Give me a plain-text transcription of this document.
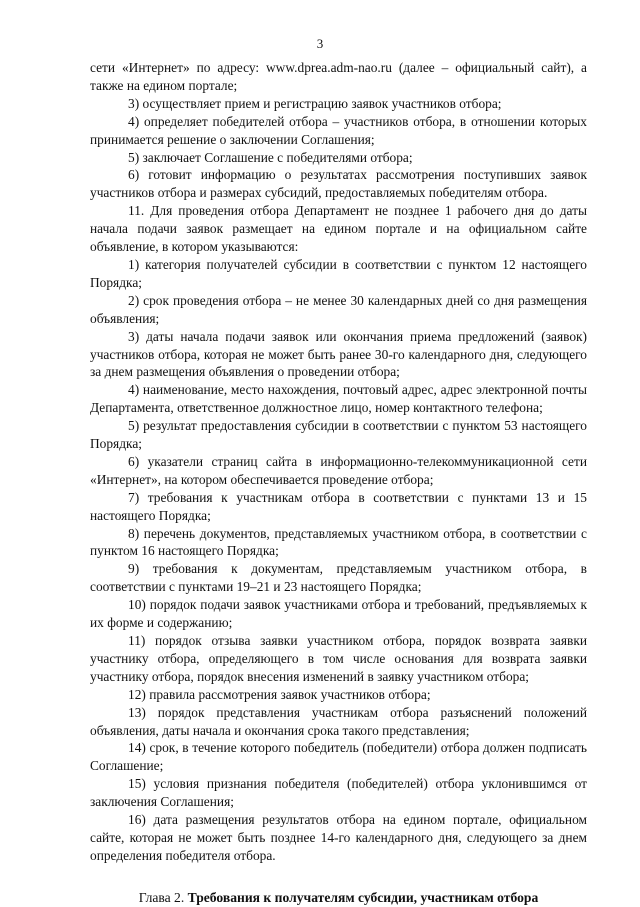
3

сети «Интернет» по адресу: www.dpreа.adm-nao.ru (далее – официальный сайт), а также на едином портале;

3) осуществляет прием и регистрацию заявок участников отбора;

4) определяет победителей отбора – участников отбора, в отношении которых принимается решение о заключении Соглашения;

5) заключает Соглашение с победителями отбора;

6) готовит информацию о результатах рассмотрения поступивших заявок участников отбора и размерах субсидий, предоставляемых победителям отбора.

11. Для проведения отбора Департамент не позднее 1 рабочего дня до даты начала подачи заявок размещает на едином портале и на официальном сайте объявление, в котором указываются:

1) категория получателей субсидии в соответствии с пунктом 12 настоящего Порядка;

2) срок проведения отбора – не менее 30 календарных дней со дня размещения объявления;

3) даты начала подачи заявок или окончания приема предложений (заявок) участников отбора, которая не может быть ранее 30-го календарного дня, следующего за днем размещения объявления о проведении отбора;

4) наименование, место нахождения, почтовый адрес, адрес электронной почты Департамента, ответственное должностное лицо, номер контактного телефона;

5) результат предоставления субсидии в соответствии с пунктом 53 настоящего Порядка;

6) указатели страниц сайта в информационно-телекоммуникационной сети «Интернет», на котором обеспечивается проведение отбора;

7) требования к участникам отбора в соответствии с пунктами 13 и 15 настоящего Порядка;

8) перечень документов, представляемых участником отбора, в соответствии с пунктом 16 настоящего Порядка;

9) требования к документам, представляемым участником отбора, в соответствии с пунктами 19–21 и 23 настоящего Порядка;

10) порядок подачи заявок участниками отбора и требований, предъявляемых к их форме и содержанию;

11) порядок отзыва заявки участником отбора, порядок возврата заявки участнику отбора, определяющего в том числе основания для возврата заявки участнику отбора, порядок внесения изменений в заявку участником отбора;

12) правила рассмотрения заявок участников отбора;

13) порядок представления участникам отбора разъяснений положений объявления, даты начала и окончания срока такого представления;

14) срок, в течение которого победитель (победители) отбора должен подписать Соглашение;

15) условия признания победителя (победителей) отбора уклонившимся от заключения Соглашения;

16) дата размещения результатов отбора на едином портале, официальном сайте, которая не может быть позднее 14-го календарного дня, следующего за днем определения победителя отбора.

Глава 2. Требования к получателям субсидии, участникам отбора
